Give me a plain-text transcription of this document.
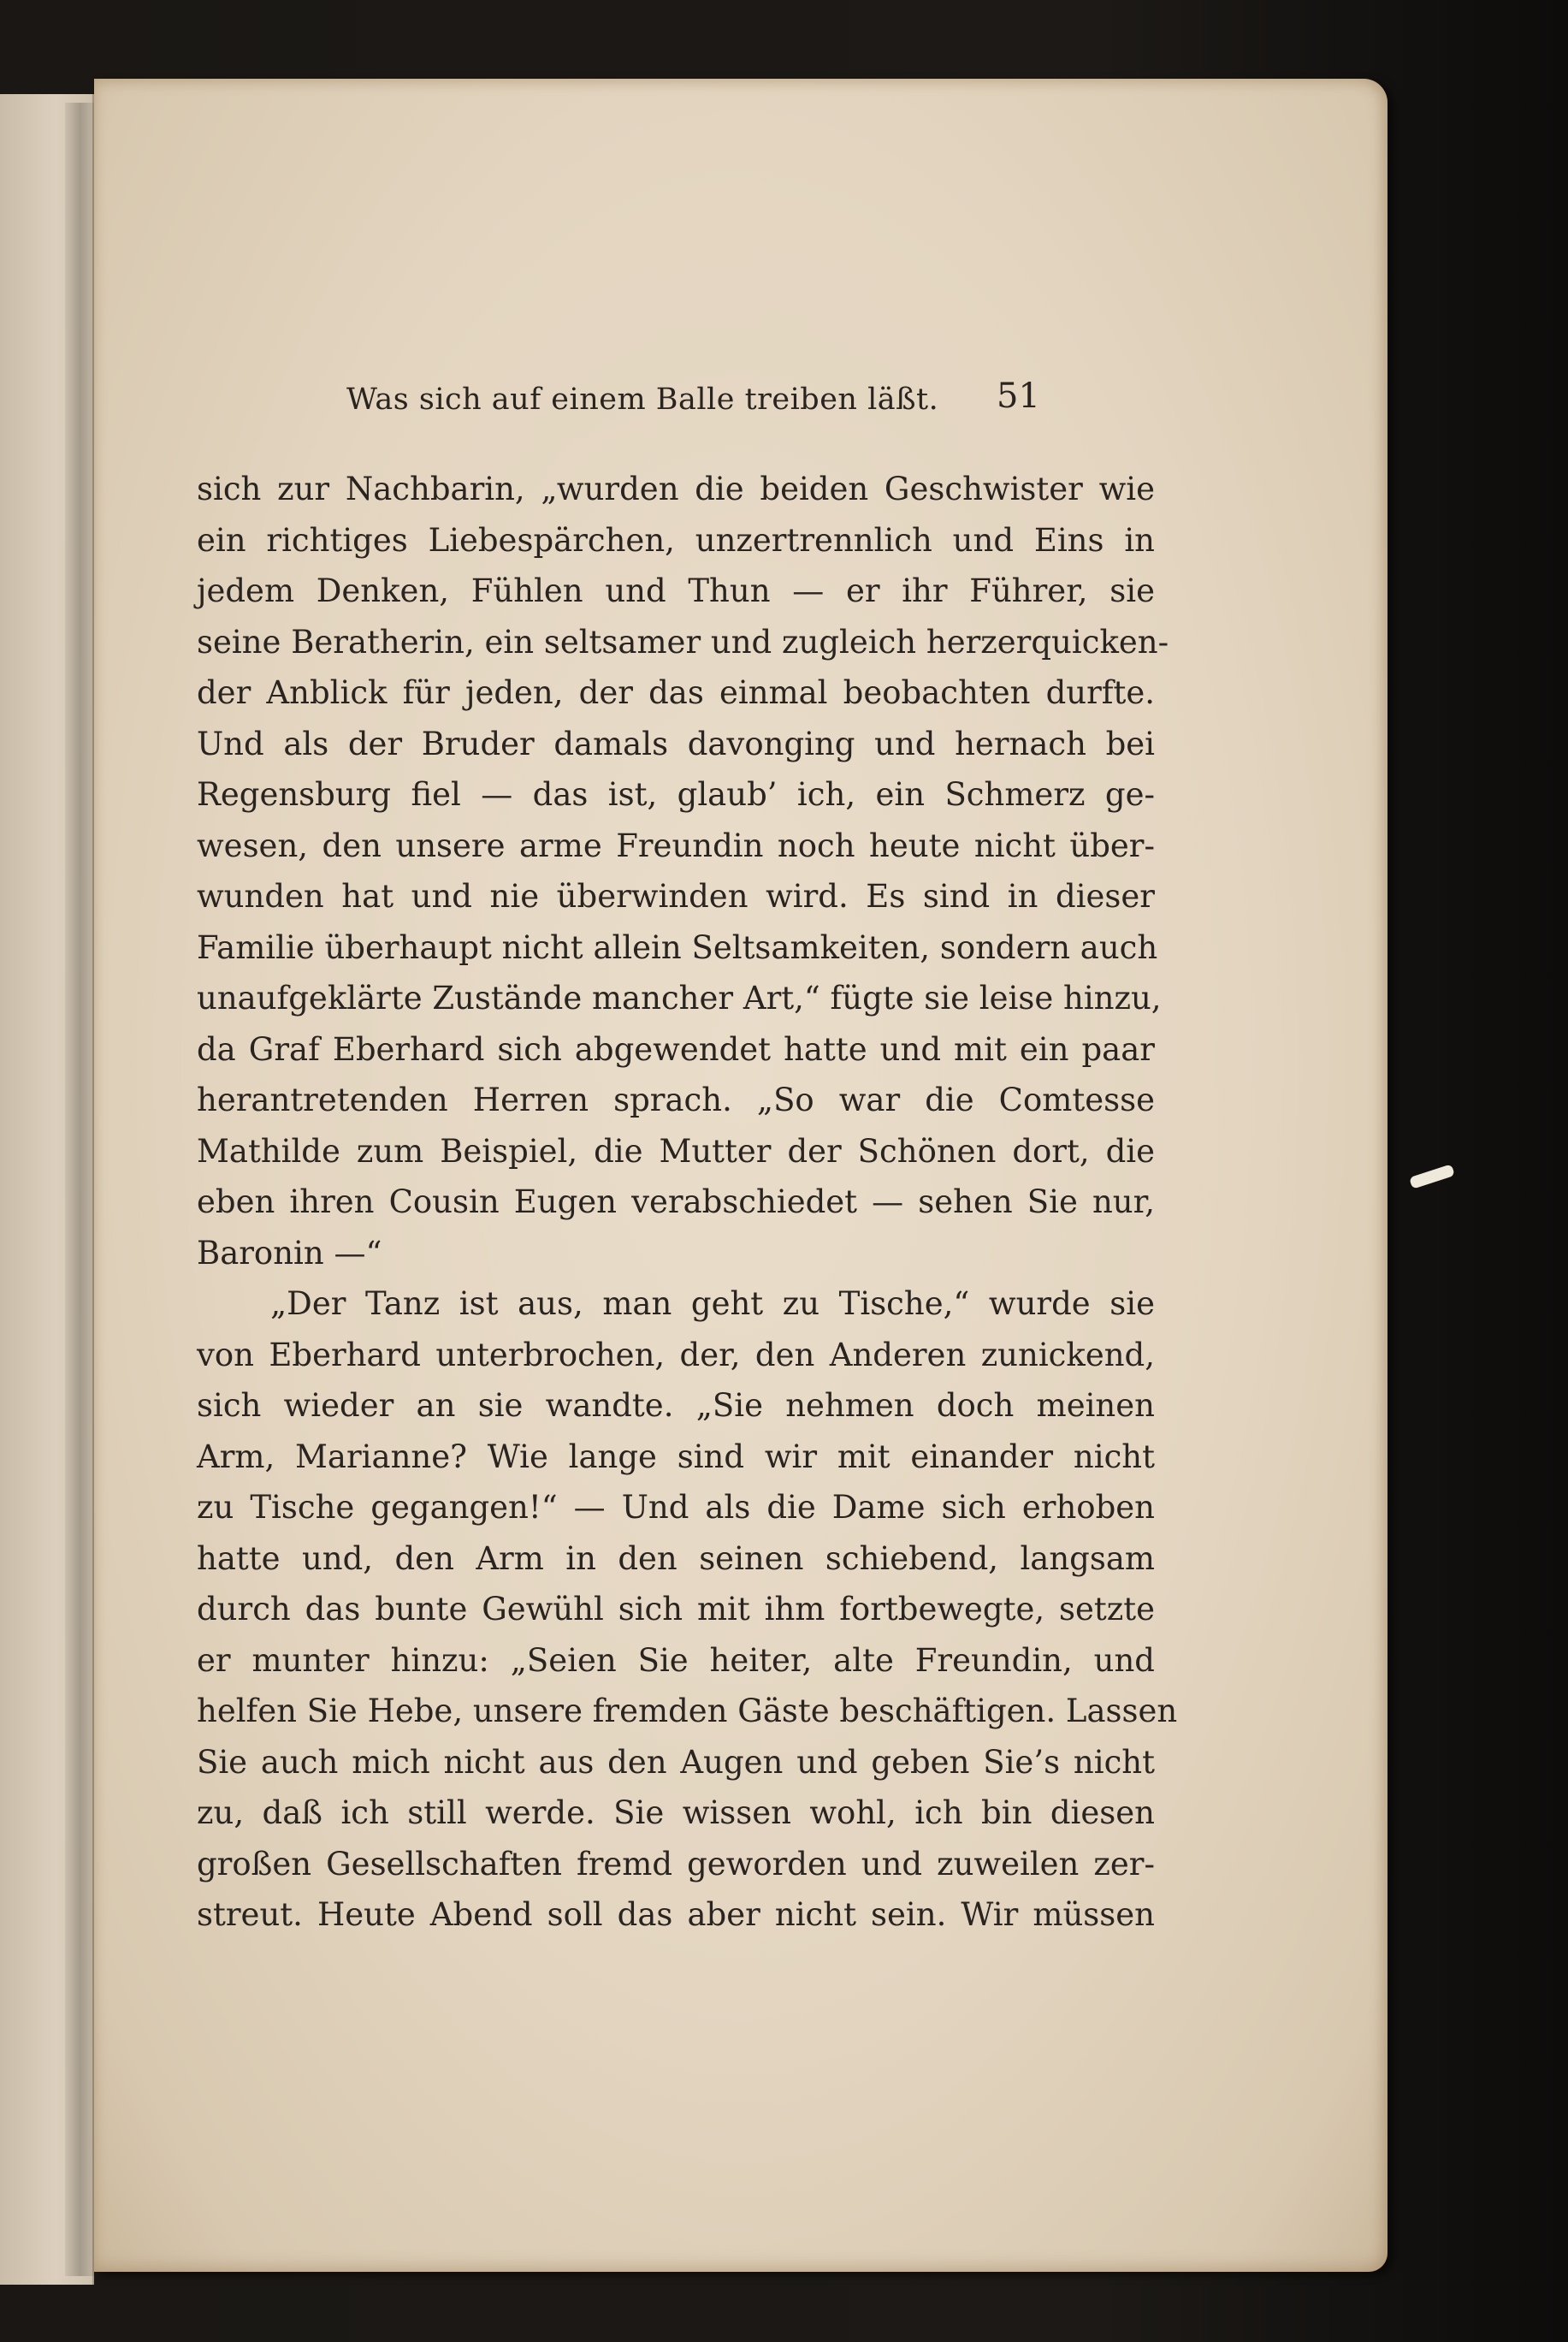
Was sich auf einem Balle treiben läßt.	51
sich zur Nachbarin, „wurden die beiden Geschwister wie
ein richtiges Liebespärchen, unzertrennlich und Eins in
jedem Denken, Fühlen und Thun — er ihr Führer, sie
seine Beratherin, ein seltsamer und zugleich herzerquicken-
der Anblick für jeden, der das einmal beobachten durfte.
Und als der Bruder damals davonging und hernach bei
Regensburg fiel — das ist, glaub’ ich, ein Schmerz ge-
wesen, den unsere arme Freundin noch heute nicht über-
wunden hat und nie überwinden wird. Es sind in dieser
Familie überhaupt nicht allein Seltsamkeiten, sondern auch
unaufgeklärte Zustände mancher Art,“ fügte sie leise hinzu,
da Graf Eberhard sich abgewendet hatte und mit ein paar
herantretenden Herren sprach. „So war die Comtesse
Mathilde zum Beispiel, die Mutter der Schönen dort, die
eben ihren Cousin Eugen verabschiedet — sehen Sie nur,
Baronin —“
„Der Tanz ist aus, man geht zu Tische,“ wurde sie
von Eberhard unterbrochen, der, den Anderen zunickend,
sich wieder an sie wandte. „Sie nehmen doch meinen
Arm, Marianne? Wie lange sind wir mit einander nicht
zu Tische gegangen!“ — Und als die Dame sich erhoben
hatte und, den Arm in den seinen schiebend, langsam
durch das bunte Gewühl sich mit ihm fortbewegte, setzte
er munter hinzu: „Seien Sie heiter, alte Freundin, und
helfen Sie Hebe, unsere fremden Gäste beschäftigen. Lassen
Sie auch mich nicht aus den Augen und geben Sie’s nicht
zu, daß ich still werde. Sie wissen wohl, ich bin diesen
großen Gesellschaften fremd geworden und zuweilen zer-
streut. Heute Abend soll das aber nicht sein. Wir müssen
